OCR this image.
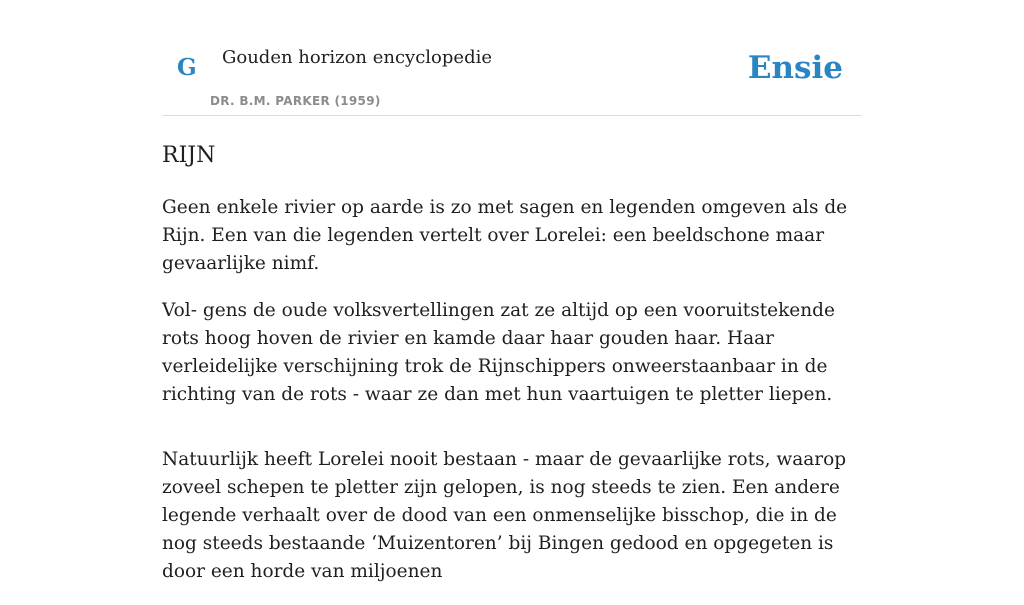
G Gouden horizon encyclopedie
DR. B.M. PARKER (1959)
Ensie
RIJN

Geen enkele rivier op aarde is zo met sagen en legenden omgeven als de Rijn. Een van die legenden vertelt over Lorelei: een beeldschone maar gevaarlijke nimf.

Vol- gens de oude volksvertellingen zat ze altijd op een vooruitstekende rots hoog hoven de rivier en kamde daar haar gouden haar. Haar verleidelijke verschijning trok de Rijnschippers onweerstaanbaar in de richting van de rots - waar ze dan met hun vaartuigen te pletter liepen.

Natuurlijk heeft Lorelei nooit bestaan - maar de gevaarlijke rots, waarop zoveel schepen te pletter zijn gelopen, is nog steeds te zien. Een andere legende verhaalt over de dood van een onmenselijke bisschop, die in de nog steeds bestaande ‘Muizentoren’ bij Bingen gedood en opgegeten is door een horde van miljoenen
